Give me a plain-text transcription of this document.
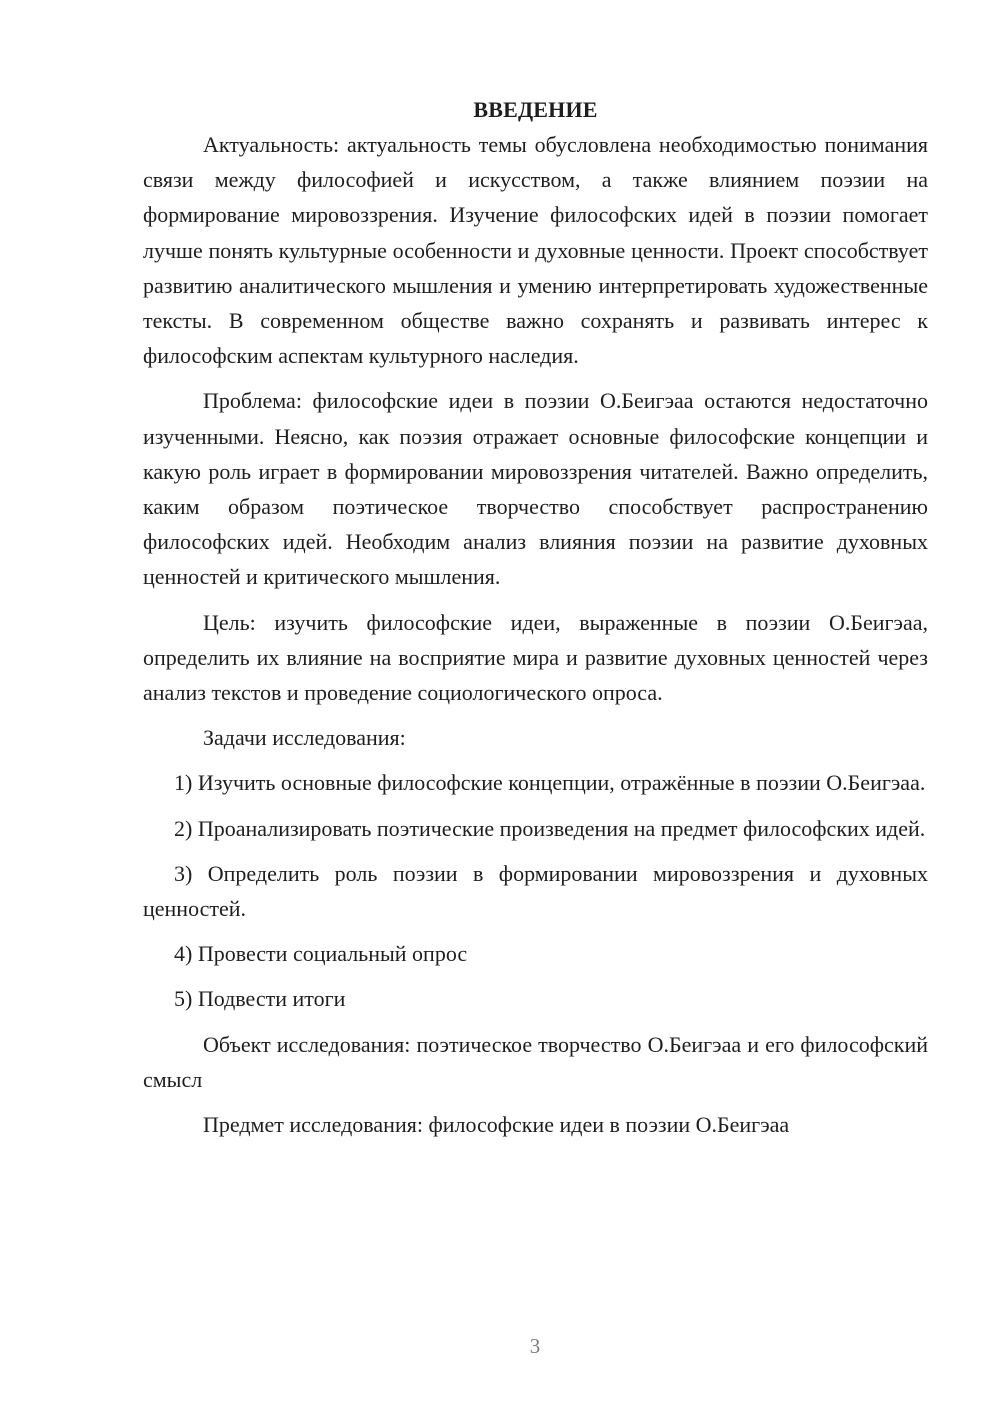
ВВЕДЕНИЕ

Актуальность: актуальность темы обусловлена необходимостью понимания связи между философией и искусством, а также влиянием поэзии на формирование мировоззрения. Изучение философских идей в поэзии помогает лучше понять культурные особенности и духовные ценности. Проект способствует развитию аналитического мышления и умению интерпретировать художественные тексты. В современном обществе важно сохранять и развивать интерес к философским аспектам культурного наследия.

Проблема: философские идеи в поэзии О.Беигэаа остаются недостаточно изученными. Неясно, как поэзия отражает основные философские концепции и какую роль играет в формировании мировоззрения читателей. Важно определить, каким образом поэтическое творчество способствует распространению философских идей. Необходим анализ влияния поэзии на развитие духовных ценностей и критического мышления.

Цель: изучить философские идеи, выраженные в поэзии О.Беигэаа, определить их влияние на восприятие мира и развитие духовных ценностей через анализ текстов и проведение социологического опроса.

Задачи исследования:

1) Изучить основные философские концепции, отражённые в поэзии О.Беигэаа.

2) Проанализировать поэтические произведения на предмет философских идей.

3) Определить роль поэзии в формировании мировоззрения и духовных ценностей.

4) Провести социальный опрос

5) Подвести итоги

Объект исследования: поэтическое творчество О.Беигэаа и его философский смысл

Предмет исследования: философские идеи в поэзии О.Беигэаа

3
